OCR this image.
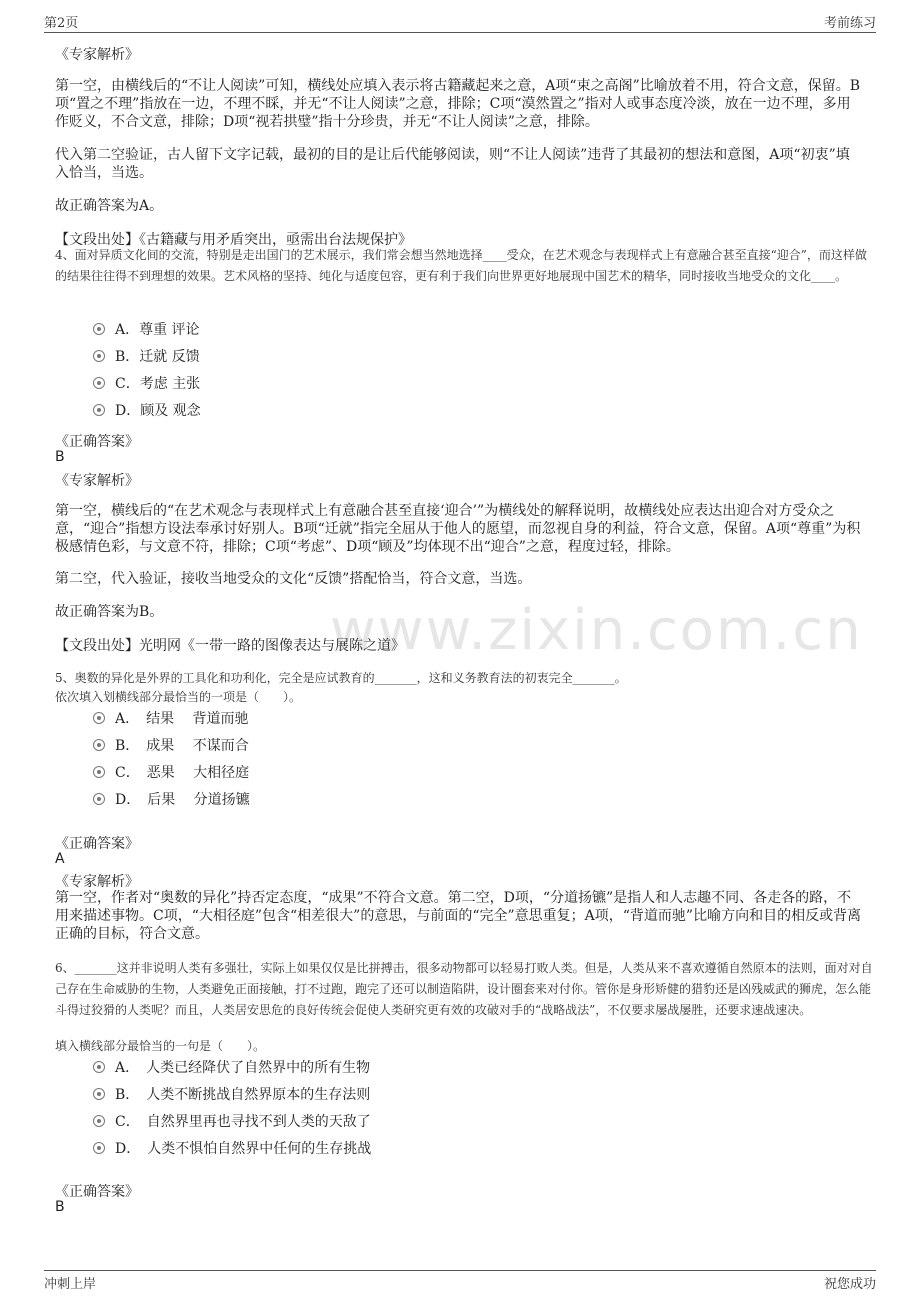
第2页	考前练习
www.zixin.com.cn
《专家解析》
第一空，由横线后的“不让人阅读”可知，横线处应填入表示将古籍藏起来之意，A项“束之高阁”比喻放着不用，符合文意，保留。B项“置之不理”指放在一边，不理不睬，并无“不让人阅读”之意，排除；C项“漠然置之”指对人或事态度冷淡，放在一边不理，多用作贬义，不合文意，排除；D项“视若拱璧”指十分珍贵，并无“不让人阅读”之意，排除。
代入第二空验证，古人留下文字记载，最初的目的是让后代能够阅读，则“不让人阅读”违背了其最初的想法和意图，A项“初衷”填入恰当，当选。
故正确答案为A。
【文段出处】《古籍藏与用矛盾突出，亟需出台法规保护》
4、面对异质文化间的交流，特别是走出国门的艺术展示，我们常会想当然地选择____受众，在艺术观念与表现样式上有意融合甚至直接“迎合”，而这样做的结果往往得不到理想的效果。艺术风格的坚持、纯化与适度包容，更有利于我们向世界更好地展现中国艺术的精华，同时接收当地受众的文化____。
A．尊重 评论
B．迁就 反馈
C．考虑 主张
D．顾及 观念
《正确答案》
B
《专家解析》
第一空，横线后的“在艺术观念与表现样式上有意融合甚至直接‘迎合’”为横线处的解释说明，故横线处应表达出迎合对方受众之意，“迎合”指想方设法奉承讨好别人。B项“迁就”指完全屈从于他人的愿望，而忽视自身的利益，符合文意，保留。A项“尊重”为积极感情色彩，与文意不符，排除；C项“考虑”、D项“顾及”均体现不出“迎合”之意，程度过轻，排除。
第二空，代入验证，接收当地受众的文化“反馈”搭配恰当，符合文意，当选。
故正确答案为B。
【文段出处】光明网《一带一路的图像表达与展陈之道》
5、奥数的异化是外界的工具化和功利化，完全是应试教育的_______，这和义务教育法的初衷完全_______。
依次填入划横线部分最恰当的一项是（　　）。
A．　结果　 背道而驰
B．　成果　 不谋而合
C．　恶果　 大相径庭
D．　后果　 分道扬镳
《正确答案》
A
《专家解析》
第一空，作者对“奥数的异化”持否定态度，“成果”不符合文意。第二空，D项，“分道扬镳”是指人和人志趣不同、各走各的路，不用来描述事物。C项，“大相径庭”包含“相差很大”的意思，与前面的“完全”意思重复；A项，“背道而驰”比喻方向和目的相反或背离正确的目标，符合文意。
6、_______这并非说明人类有多强壮，实际上如果仅仅是比拼搏击，很多动物都可以轻易打败人类。但是，人类从来不喜欢遵循自然原本的法则，面对对自己存在生命威胁的生物，人类避免正面接触，打不过跑，跑完了还可以制造陷阱，设计圈套来对付你。管你是身形矫健的猎豹还是凶残威武的狮虎，怎么能斗得过狡猾的人类呢？而且，人类居安思危的良好传统会促使人类研究更有效的攻破对手的“战略战法”，不仅要求屡战屡胜，还要求速战速决。
填入横线部分最恰当的一句是（　　）。
A．　人类已经降伏了自然界中的所有生物
B．　人类不断挑战自然界原本的生存法则
C．　自然界里再也寻找不到人类的天敌了
D．　人类不惧怕自然界中任何的生存挑战
《正确答案》
B
冲刺上岸	祝您成功
